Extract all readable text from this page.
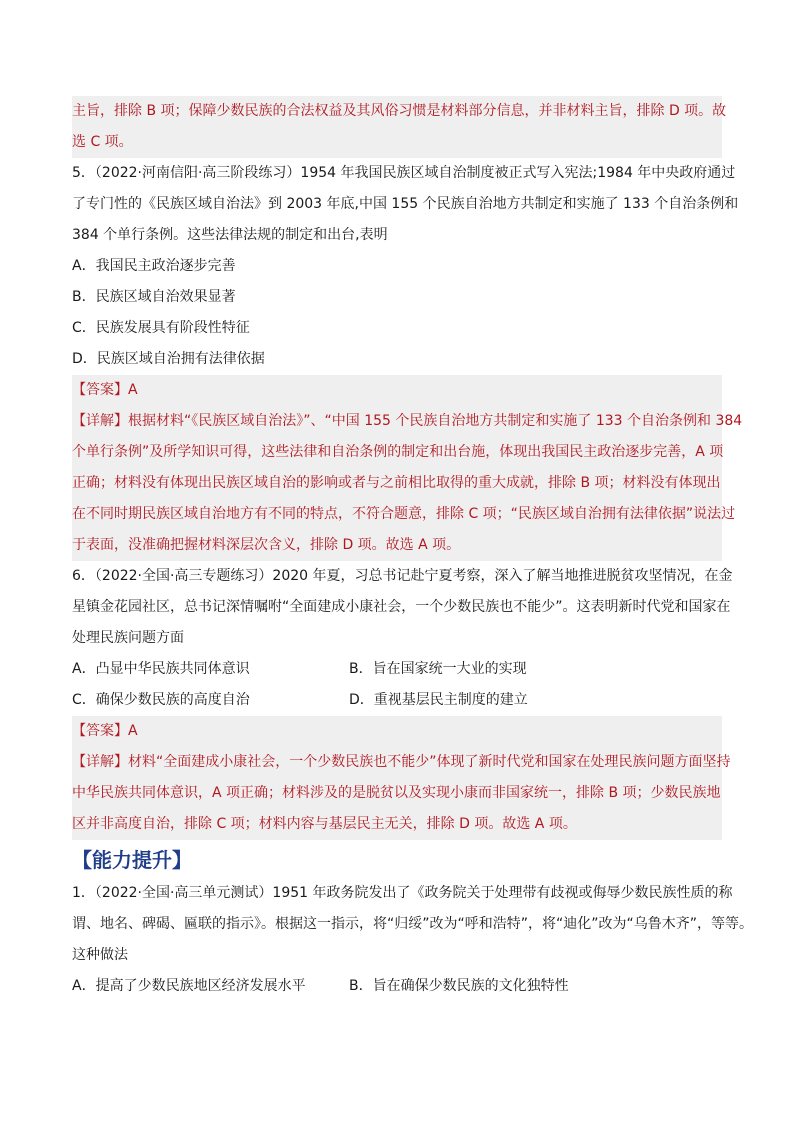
主旨，排除 B 项；保障少数民族的合法权益及其风俗习惯是材料部分信息，并非材料主旨，排除 D 项。故
选 C 项。
5．（2022·河南信阳·高三阶段练习）1954 年我国民族区域自治制度被正式写入宪法;1984 年中央政府通过
了专门性的《民族区域自治法》到 2003 年底,中国 155 个民族自治地方共制定和实施了 133 个自治条例和
384 个单行条例。这些法律法规的制定和出台,表明
A．我国民主政治逐步完善
B．民族区域自治效果显著
C．民族发展具有阶段性特征
D．民族区域自治拥有法律依据
【答案】A
【详解】根据材料“《民族区域自治法》”、“中国 155 个民族自治地方共制定和实施了 133 个自治条例和 384
个单行条例”及所学知识可得，这些法律和自治条例的制定和出台施，体现出我国民主政治逐步完善，A 项
正确；材料没有体现出民族区域自治的影响或者与之前相比取得的重大成就，排除 B 项；材料没有体现出
在不同时期民族区域自治地方有不同的特点，不符合题意，排除 C 项；“民族区域自治拥有法律依据”说法过
于表面，没准确把握材料深层次含义，排除 D 项。故选 A 项。
6．（2022·全国·高三专题练习）2020 年夏，习总书记赴宁夏考察，深入了解当地推进脱贫攻坚情况，在金
星镇金花园社区，总书记深情嘱咐“全面建成小康社会，一个少数民族也不能少”。这表明新时代党和国家在
处理民族问题方面
A．凸显中华民族共同体意识	B．旨在国家统一大业的实现
C．确保少数民族的高度自治	D．重视基层民主制度的建立
【答案】A
【详解】材料“全面建成小康社会，一个少数民族也不能少”体现了新时代党和国家在处理民族问题方面坚持
中华民族共同体意识，A 项正确；材料涉及的是脱贫以及实现小康而非国家统一，排除 B 项；少数民族地
区并非高度自治，排除 C 项；材料内容与基层民主无关，排除 D 项。故选 A 项。
【能力提升】
1．（2022·全国·高三单元测试）1951 年政务院发出了《政务院关于处理带有歧视或侮辱少数民族性质的称
谓、地名、碑碣、匾联的指示》。根据这一指示，将“归绥”改为“呼和浩特”，将“迪化”改为“乌鲁木齐”，等等。
这种做法
A．提高了少数民族地区经济发展水平	B．旨在确保少数民族的文化独特性
